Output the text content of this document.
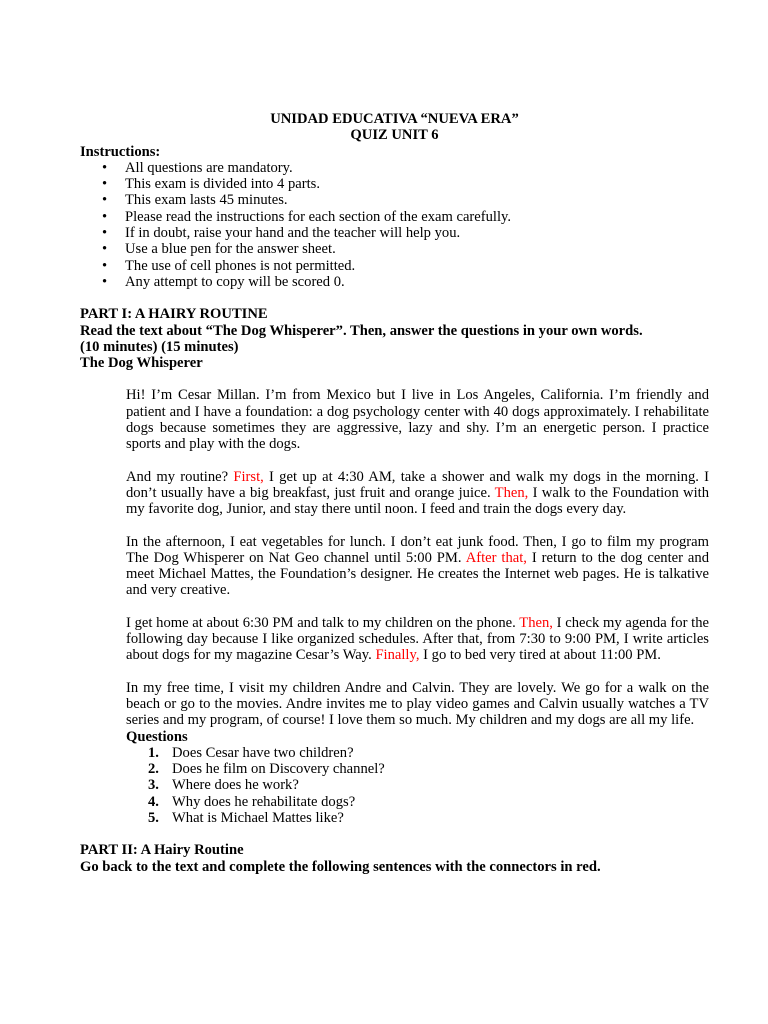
UNIDAD EDUCATIVA “NUEVA ERA”
QUIZ UNIT 6
Instructions:
• All questions are mandatory.
• This exam is divided into 4 parts.
• This exam lasts 45 minutes.
• Please read the instructions for each section of the exam carefully.
• If in doubt, raise your hand and the teacher will help you.
• Use a blue pen for the answer sheet.
• The use of cell phones is not permitted.
• Any attempt to copy will be scored 0.
PART I: A HAIRY ROUTINE
Read the text about “The Dog Whisperer”. Then, answer the questions in your own words.
(10 minutes) (15 minutes)
The Dog Whisperer
Hi! I’m Cesar Millan. I’m from Mexico but I live in Los Angeles, California. I’m friendly and patient and I have a foundation: a dog psychology center with 40 dogs approximately. I rehabilitate dogs because sometimes they are aggressive, lazy and shy. I’m an energetic person. I practice sports and play with the dogs.
And my routine? First, I get up at 4:30 AM, take a shower and walk my dogs in the morning. I don’t usually have a big breakfast, just fruit and orange juice. Then, I walk to the Foundation with my favorite dog, Junior, and stay there until noon. I feed and train the dogs every day.
In the afternoon, I eat vegetables for lunch. I don’t eat junk food. Then, I go to film my program The Dog Whisperer on Nat Geo channel until 5:00 PM. After that, I return to the dog center and meet Michael Mattes, the Foundation’s designer. He creates the Internet web pages. He is talkative and very creative.
I get home at about 6:30 PM and talk to my children on the phone. Then, I check my agenda for the following day because I like organized schedules. After that, from 7:30 to 9:00 PM, I write articles about dogs for my magazine Cesar’s Way. Finally, I go to bed very tired at about 11:00 PM.
In my free time, I visit my children Andre and Calvin. They are lovely. We go for a walk on the beach or go to the movies. Andre invites me to play video games and Calvin usually watches a TV series and my program, of course! I love them so much. My children and my dogs are all my life.
Questions
1. Does Cesar have two children?
2. Does he film on Discovery channel?
3. Where does he work?
4. Why does he rehabilitate dogs?
5. What is Michael Mattes like?
PART II: A Hairy Routine
Go back to the text and complete the following sentences with the connectors in red.
